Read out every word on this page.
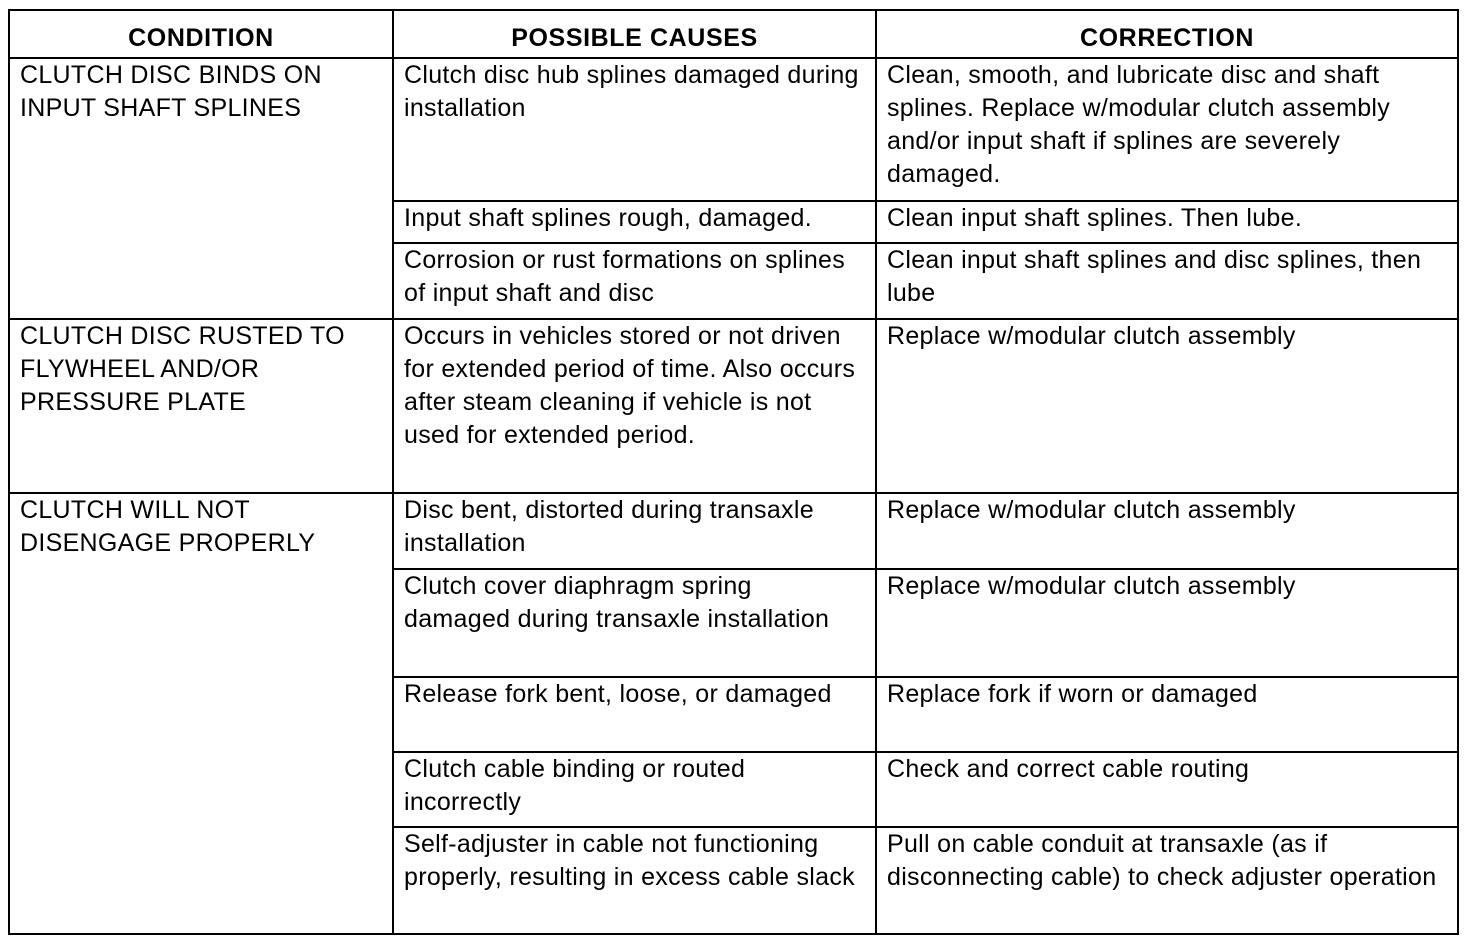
CONDITION	POSSIBLE CAUSES	CORRECTION
CLUTCH DISC BINDS ON INPUT SHAFT SPLINES	Clutch disc hub splines damaged during installation	Clean, smooth, and lubricate disc and shaft splines. Replace w/modular clutch assembly and/or input shaft if splines are severely damaged.
	Input shaft splines rough, damaged.	Clean input shaft splines. Then lube.
	Corrosion or rust formations on splines of input shaft and disc	Clean input shaft splines and disc splines, then lube
CLUTCH DISC RUSTED TO FLYWHEEL AND/OR PRESSURE PLATE	Occurs in vehicles stored or not driven for extended period of time. Also occurs after steam cleaning if vehicle is not used for extended period.	Replace w/modular clutch assembly
CLUTCH WILL NOT DISENGAGE PROPERLY	Disc bent, distorted during transaxle installation	Replace w/modular clutch assembly
	Clutch cover diaphragm spring damaged during transaxle installation	Replace w/modular clutch assembly
	Release fork bent, loose, or damaged	Replace fork if worn or damaged
	Clutch cable binding or routed incorrectly	Check and correct cable routing
	Self-adjuster in cable not functioning properly, resulting in excess cable slack	Pull on cable conduit at transaxle (as if disconnecting cable) to check adjuster operation
